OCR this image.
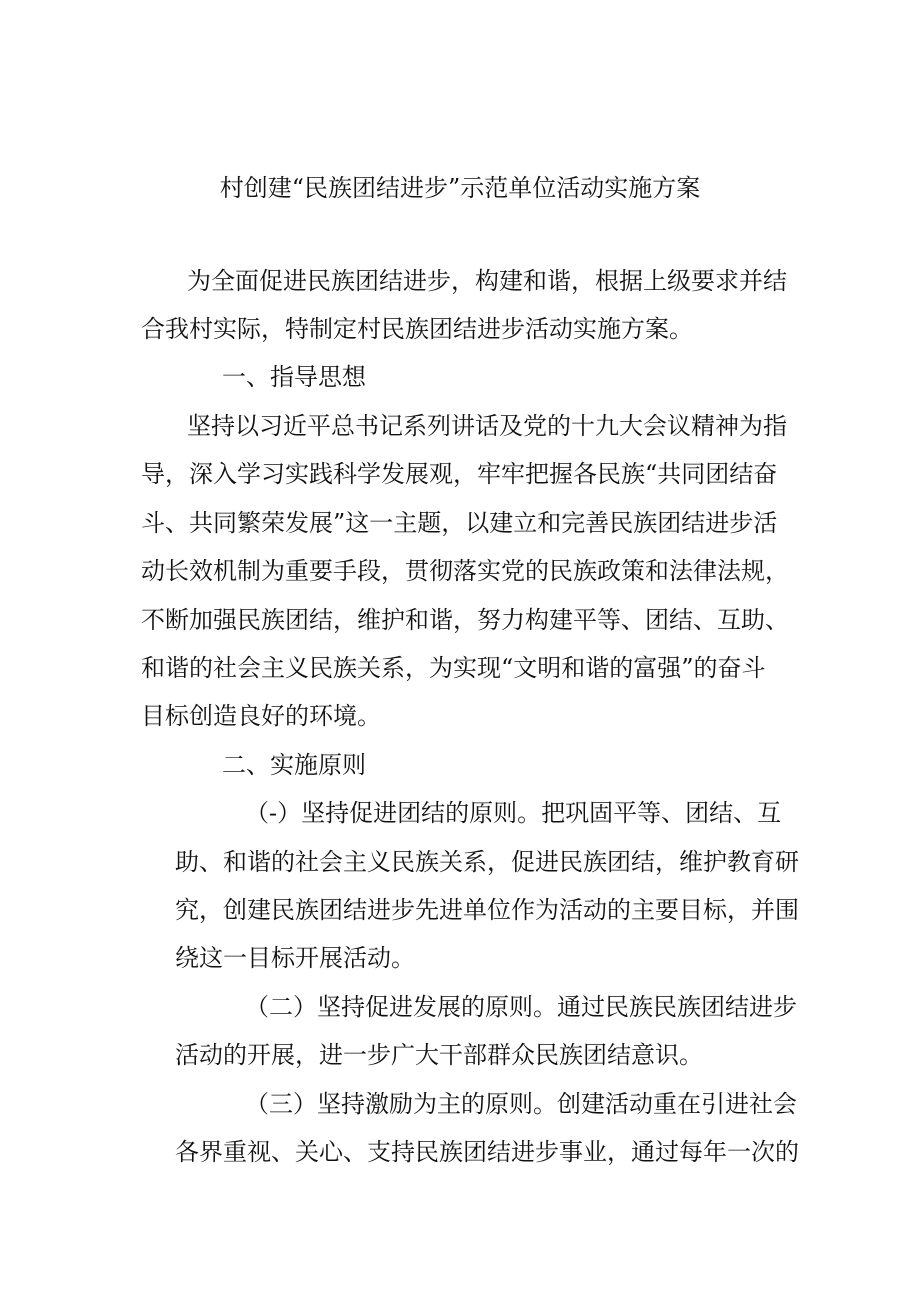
村创建“民族团结进步”示范单位活动实施方案
为全面促进民族团结进步，构建和谐，根据上级要求并结
合我村实际，特制定村民族团结进步活动实施方案。
一、指导思想
坚持以习近平总书记系列讲话及党的十九大会议精神为指
导，深入学习实践科学发展观，牢牢把握各民族“共同团结奋
斗、共同繁荣发展”这一主题，以建立和完善民族团结进步活
动长效机制为重要手段，贯彻落实党的民族政策和法律法规，
不断加强民族团结，维护和谐，努力构建平等、团结、互助、
和谐的社会主义民族关系，为实现“文明和谐的富强”的奋斗
目标创造良好的环境。
二、实施原则
（-）坚持促进团结的原则。把巩固平等、团结、互
助、和谐的社会主义民族关系，促进民族团结，维护教育研
究，创建民族团结进步先进单位作为活动的主要目标，并围
绕这一目标开展活动。
（二）坚持促进发展的原则。通过民族民族团结进步
活动的开展，进一步广大干部群众民族团结意识。
（三）坚持激励为主的原则。创建活动重在引进社会
各界重视、关心、支持民族团结进步事业，通过每年一次的
